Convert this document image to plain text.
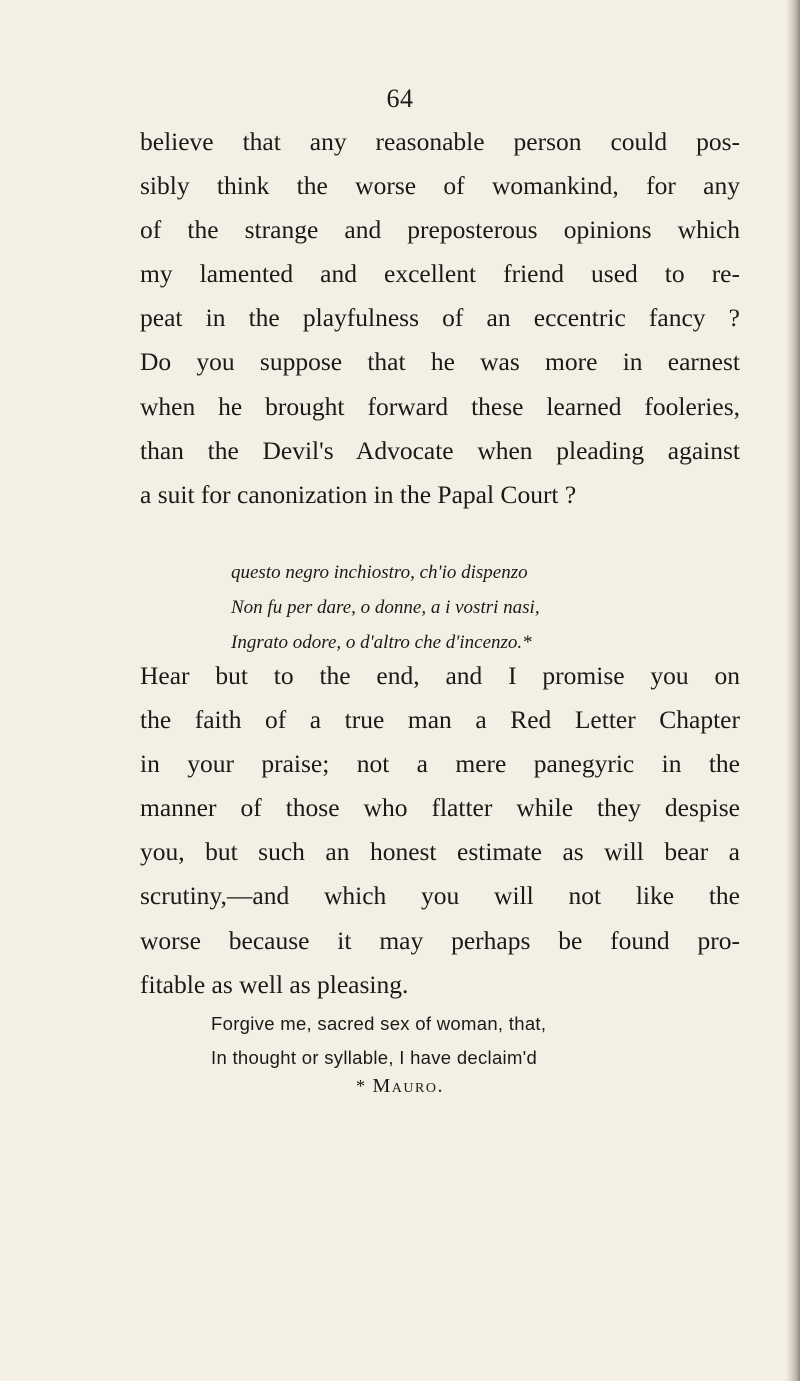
64
believe that any reasonable person could pos-
sibly think the worse of womankind, for any
of the strange and preposterous opinions which
my lamented and excellent friend used to re-
peat in the playfulness of an eccentric fancy ?
Do you suppose that he was more in earnest
when he brought forward these learned fooleries,
than the Devil's Advocate when pleading against
a suit for canonization in the Papal Court ?
questo negro inchiostro, ch'io dispenzo
Non fu per dare, o donne, a i vostri nasi,
Ingrato odore, o d'altro che d'incenzo.*
Hear but to the end, and I promise you on
the faith of a true man a Red Letter Chapter
in your praise; not a mere panegyric in the
manner of those who flatter while they despise
you, but such an honest estimate as will bear a
scrutiny,—and which you will not like the
worse because it may perhaps be found pro-
fitable as well as pleasing.
Forgive me, sacred sex of woman, that,
In thought or syllable, I have declaim'd
* Mauro.
